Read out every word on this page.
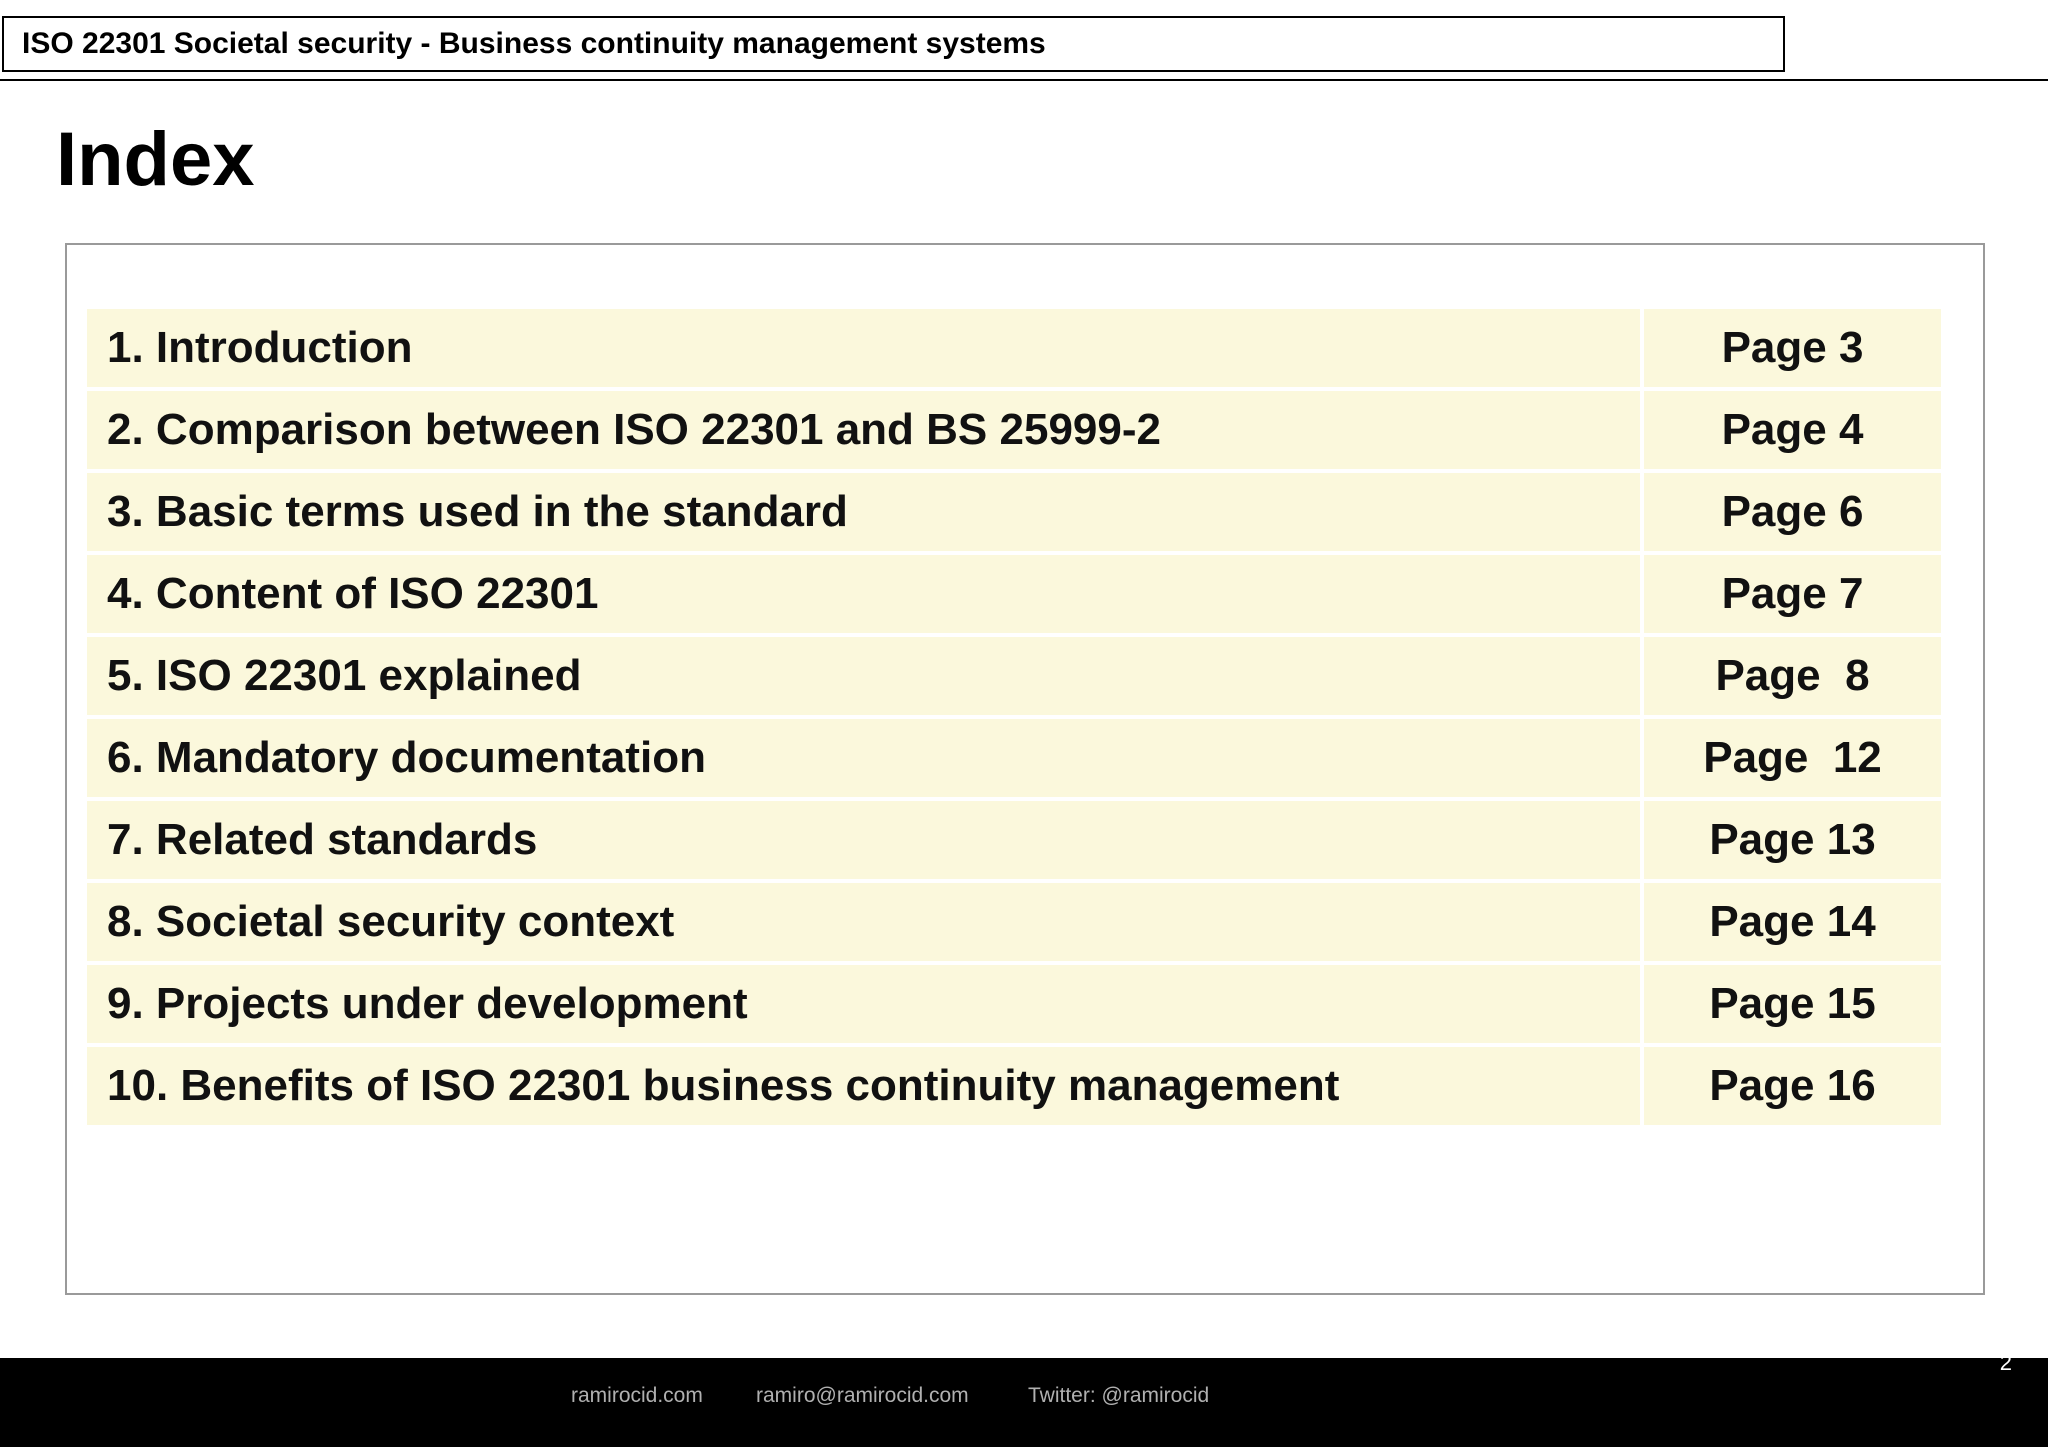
ISO 22301 Societal security - Business continuity management systems
Index
1. Introduction	Page 3
2. Comparison between ISO 22301 and BS 25999-2	Page 4
3. Basic terms used in the standard	Page 6
4. Content of ISO 22301	Page 7
5. ISO 22301 explained	Page  8
6. Mandatory documentation	Page  12
7. Related standards	Page 13
8. Societal security context	Page 14
9. Projects under development	Page 15
10. Benefits of ISO 22301 business continuity management	Page 16
2
ramirocid.com	ramiro@ramirocid.com	Twitter: @ramirocid
